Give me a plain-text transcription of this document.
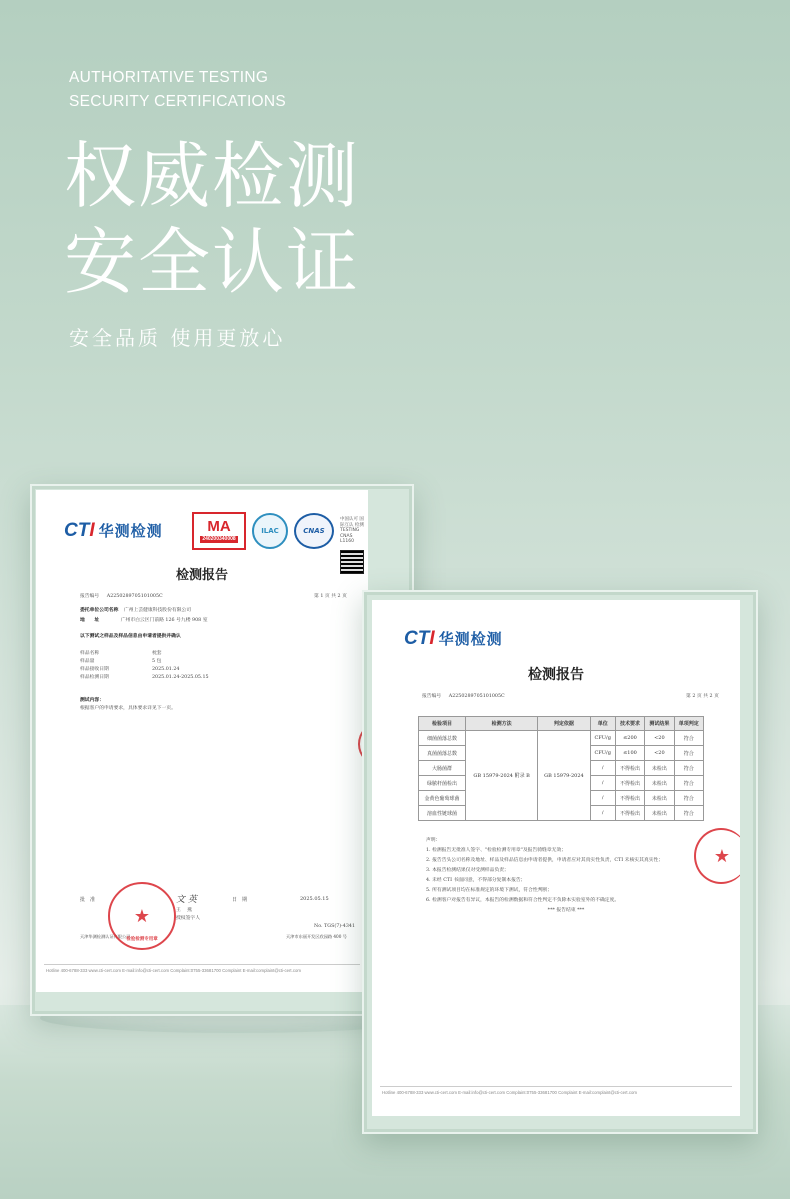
AUTHORITATIVE TESTING
SECURITY CERTIFICATIONS
权威检测
安全认证
安全品质 使用更放心
CTI 华测检测	MA
240200340008
ILAC	CNAS
中国认可 国际互认 检测 TESTING CNAS L1160
检测报告
报告编号 A2250289705101005C	第 1 页 共 2 页
委托单位公司名称 广州上芸健康科技股份有限公司
地　　址	广州市白云区门前路 126 号九楼 908 室
以下测试之样品及样品信息由申请者提供并确认
样品名称	枕套
样品量	5 包
样品接收日期	2025.01.24
样品检测日期	2025.01.24-2025.05.15
测试内容：
根据客户的申请要求，具体要求详见下一页。
批　准	文 英	日　期	2025.05.15
王 　燕
授权签字人
No. TGS(7)-4341
天津华测检测认证有限公司	天津市东丽开发区欣园路 400 号
★
检验检测专用章
Hotline 400-6788-333 www.cti-cert.com E-mail:info@cti-cert.com Complaint:0755-33681700 Complaint E-mail:complaint@cti-cert.com
CTI 华测检测
检测报告
报告编号 A2250289705101005C	第 2 页 共 2 页
检验项目	检测方法	判定依据	单位	技术要求	测试结果	单项判定
细菌菌落总数	GB 15979-2024 附录 B	GB 15979-2024	CFU/g	≤200	<20	符合
真菌菌落总数			CFU/g	≤100	<20	符合
大肠菌群			/	不得检出	未检出	符合
绿脓杆菌检出			/	不得检出	未检出	符合
金黄色葡萄球菌			/	不得检出	未检出	符合
溶血性链球菌			/	不得检出	未检出	符合
声明：
1. 检测报告无批准人签字、"检验检测专用章"及报告骑缝章无效；
2. 报告告头公司名称及地址、样品及样品信息由申请者提供，申请者应对其真实性负责，CTI 未核实其真实性；
3. 本报告检测结果仅对受测样品负责；
4. 未经 CTI 书面同意，不得部分复制本报告；
5. 所有测试项目均在标准规定的环境下测试，符合性判断；
6. 检测客户对报告有异议，本报告的检测数据和符合性判定不负除本实验室外的不确定度。
*** 报告结束 ***
★
Hotline 400-6788-333 www.cti-cert.com E-mail:info@cti-cert.com Complaint:0755-33681700 Complaint E-mail:complaint@cti-cert.com
